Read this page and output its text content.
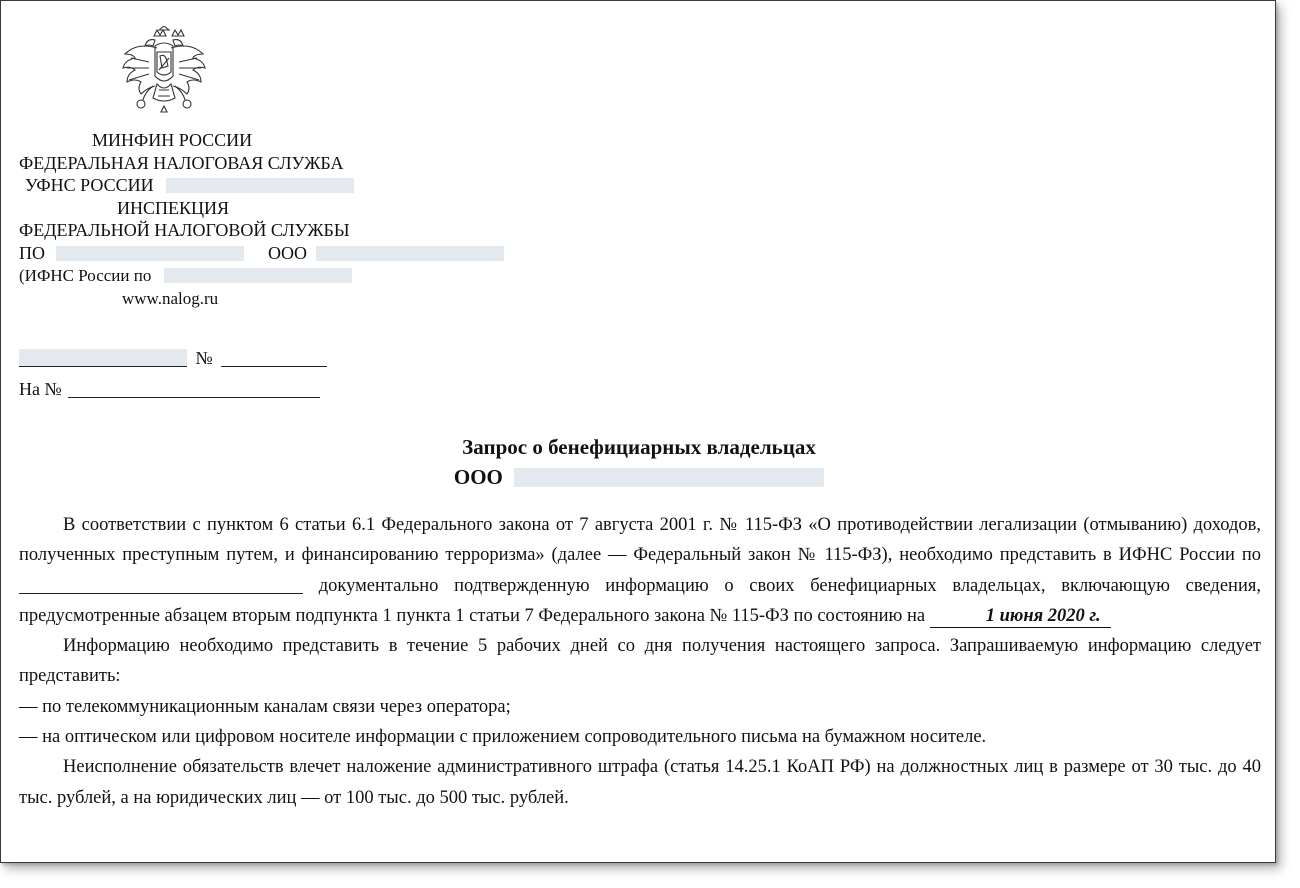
МИНФИН РОССИИ
ФЕДЕРАЛЬНАЯ НАЛОГОВАЯ СЛУЖБА
УФНС РОССИИ
ИНСПЕКЦИЯ
ФЕДЕРАЛЬНОЙ НАЛОГОВОЙ СЛУЖБЫ
ПО	ООО
(ИФНС России по
www.nalog.ru
№
На №
Запрос о бенефициарных владельцах
ООО

В соответствии с пунктом 6 статьи 6.1 Федерального закона от 7 августа 2001 г. № 115-ФЗ «О противодействии легализации (отмыванию) доходов, полученных преступным путем, и финансированию терроризма» (далее — Федеральный закон № 115-ФЗ), необходимо представить в ИФНС России по  документально подтвержденную информацию о своих бенефициарных владельцах, включающую сведения, предусмотренные абзацем вторым подпункта 1 пункта 1 статьи 7 Федерального закона № 115-ФЗ по состоянию на	1 июня 2020 г.

Информацию необходимо представить в течение 5 рабочих дней со дня получения настоящего запроса. Запрашиваемую информацию следует представить:

— по телекоммуникационным каналам связи через оператора;

— на оптическом или цифровом носителе информации с приложением сопроводительного письма на бумажном носителе.

Неисполнение обязательств влечет наложение административного штрафа (статья 14.25.1 КоАП РФ) на должностных лиц в размере от 30 тыс. до 40 тыс. рублей, а на юридических лиц — от 100 тыс. до 500 тыс. рублей.
